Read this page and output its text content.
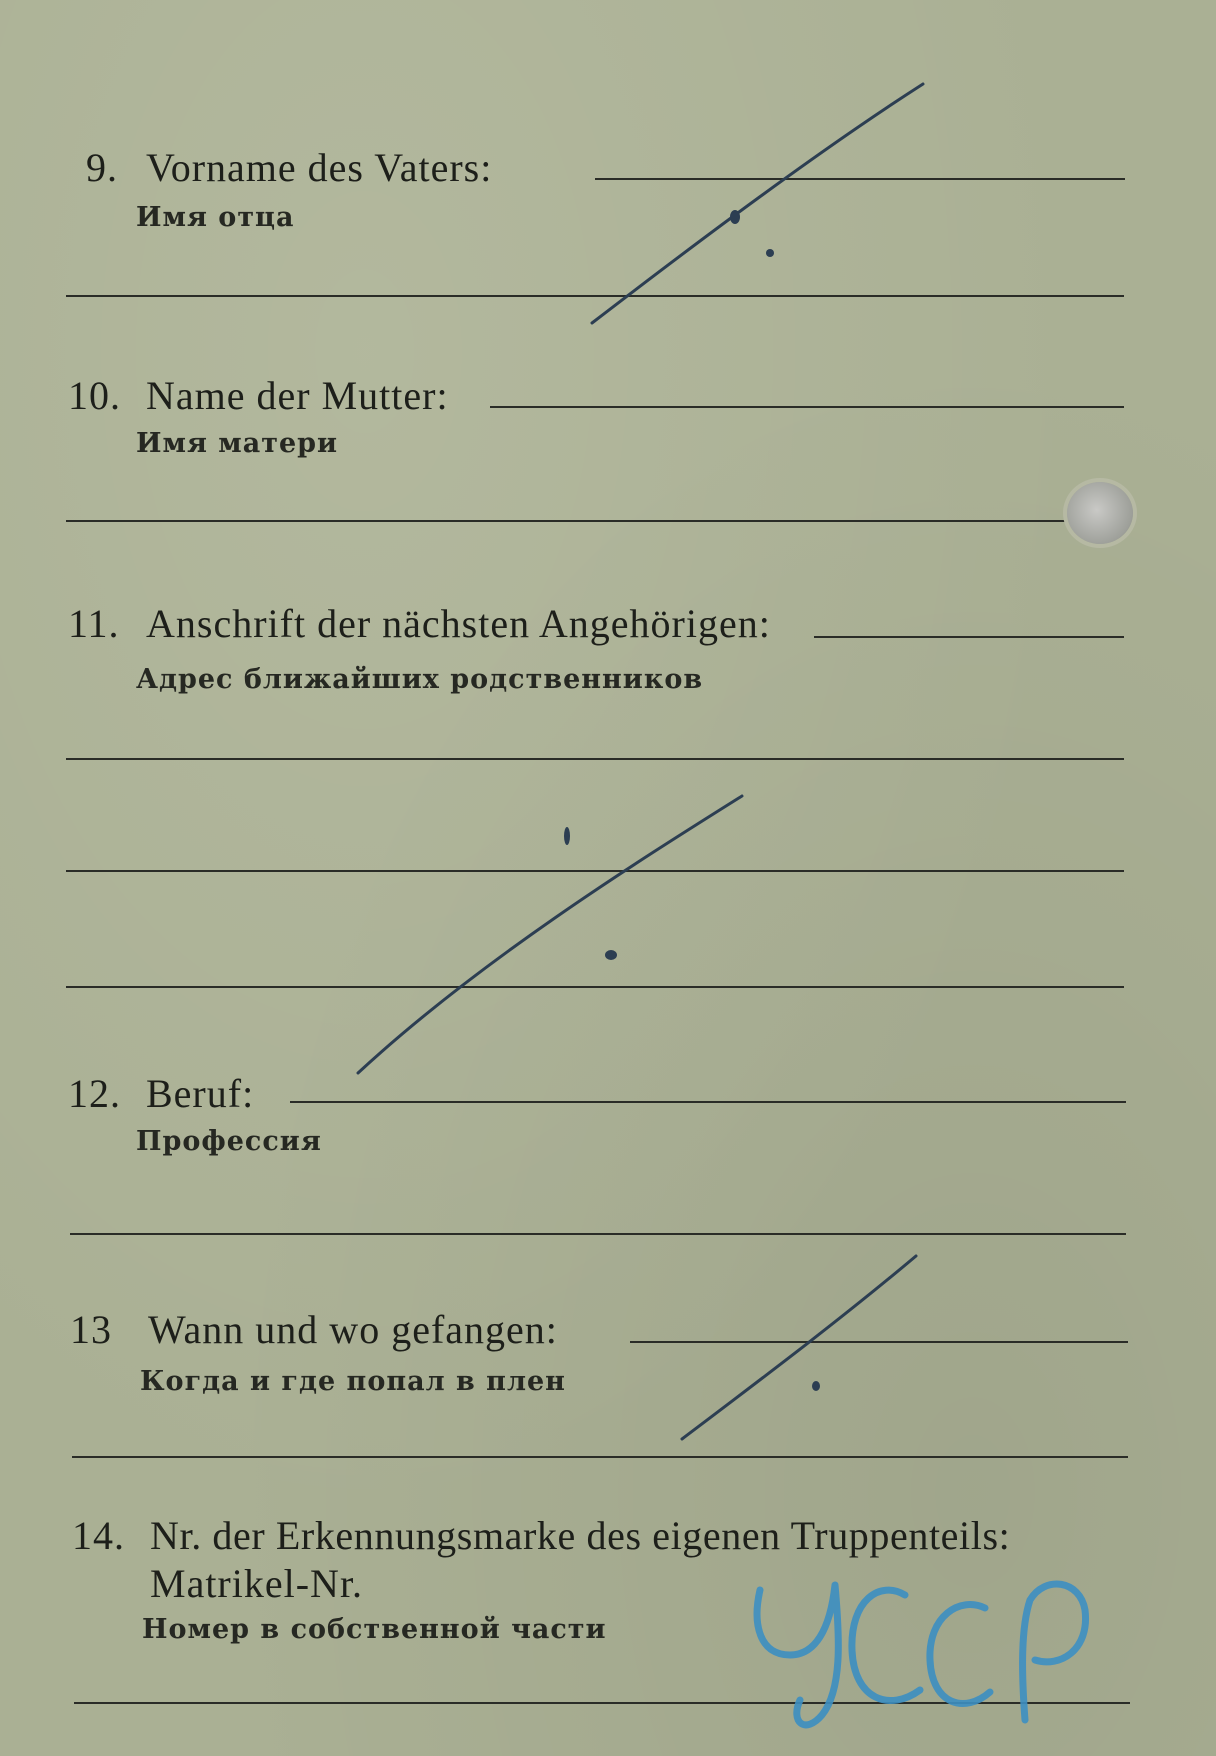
9. Vorname des Vaters:
Имя отца
10. Name der Mutter:
Имя матери
11. Anschrift der nächsten Angehörigen:
Адрес ближайших родственников
12. Beruf:
Профессия
13 Wann und wo gefangen:
Когда и где попал в плен
14. Nr. der Erkennungsmarke des eigenen Truppenteils:
Matrikel-Nr.
Номер в собственной части
